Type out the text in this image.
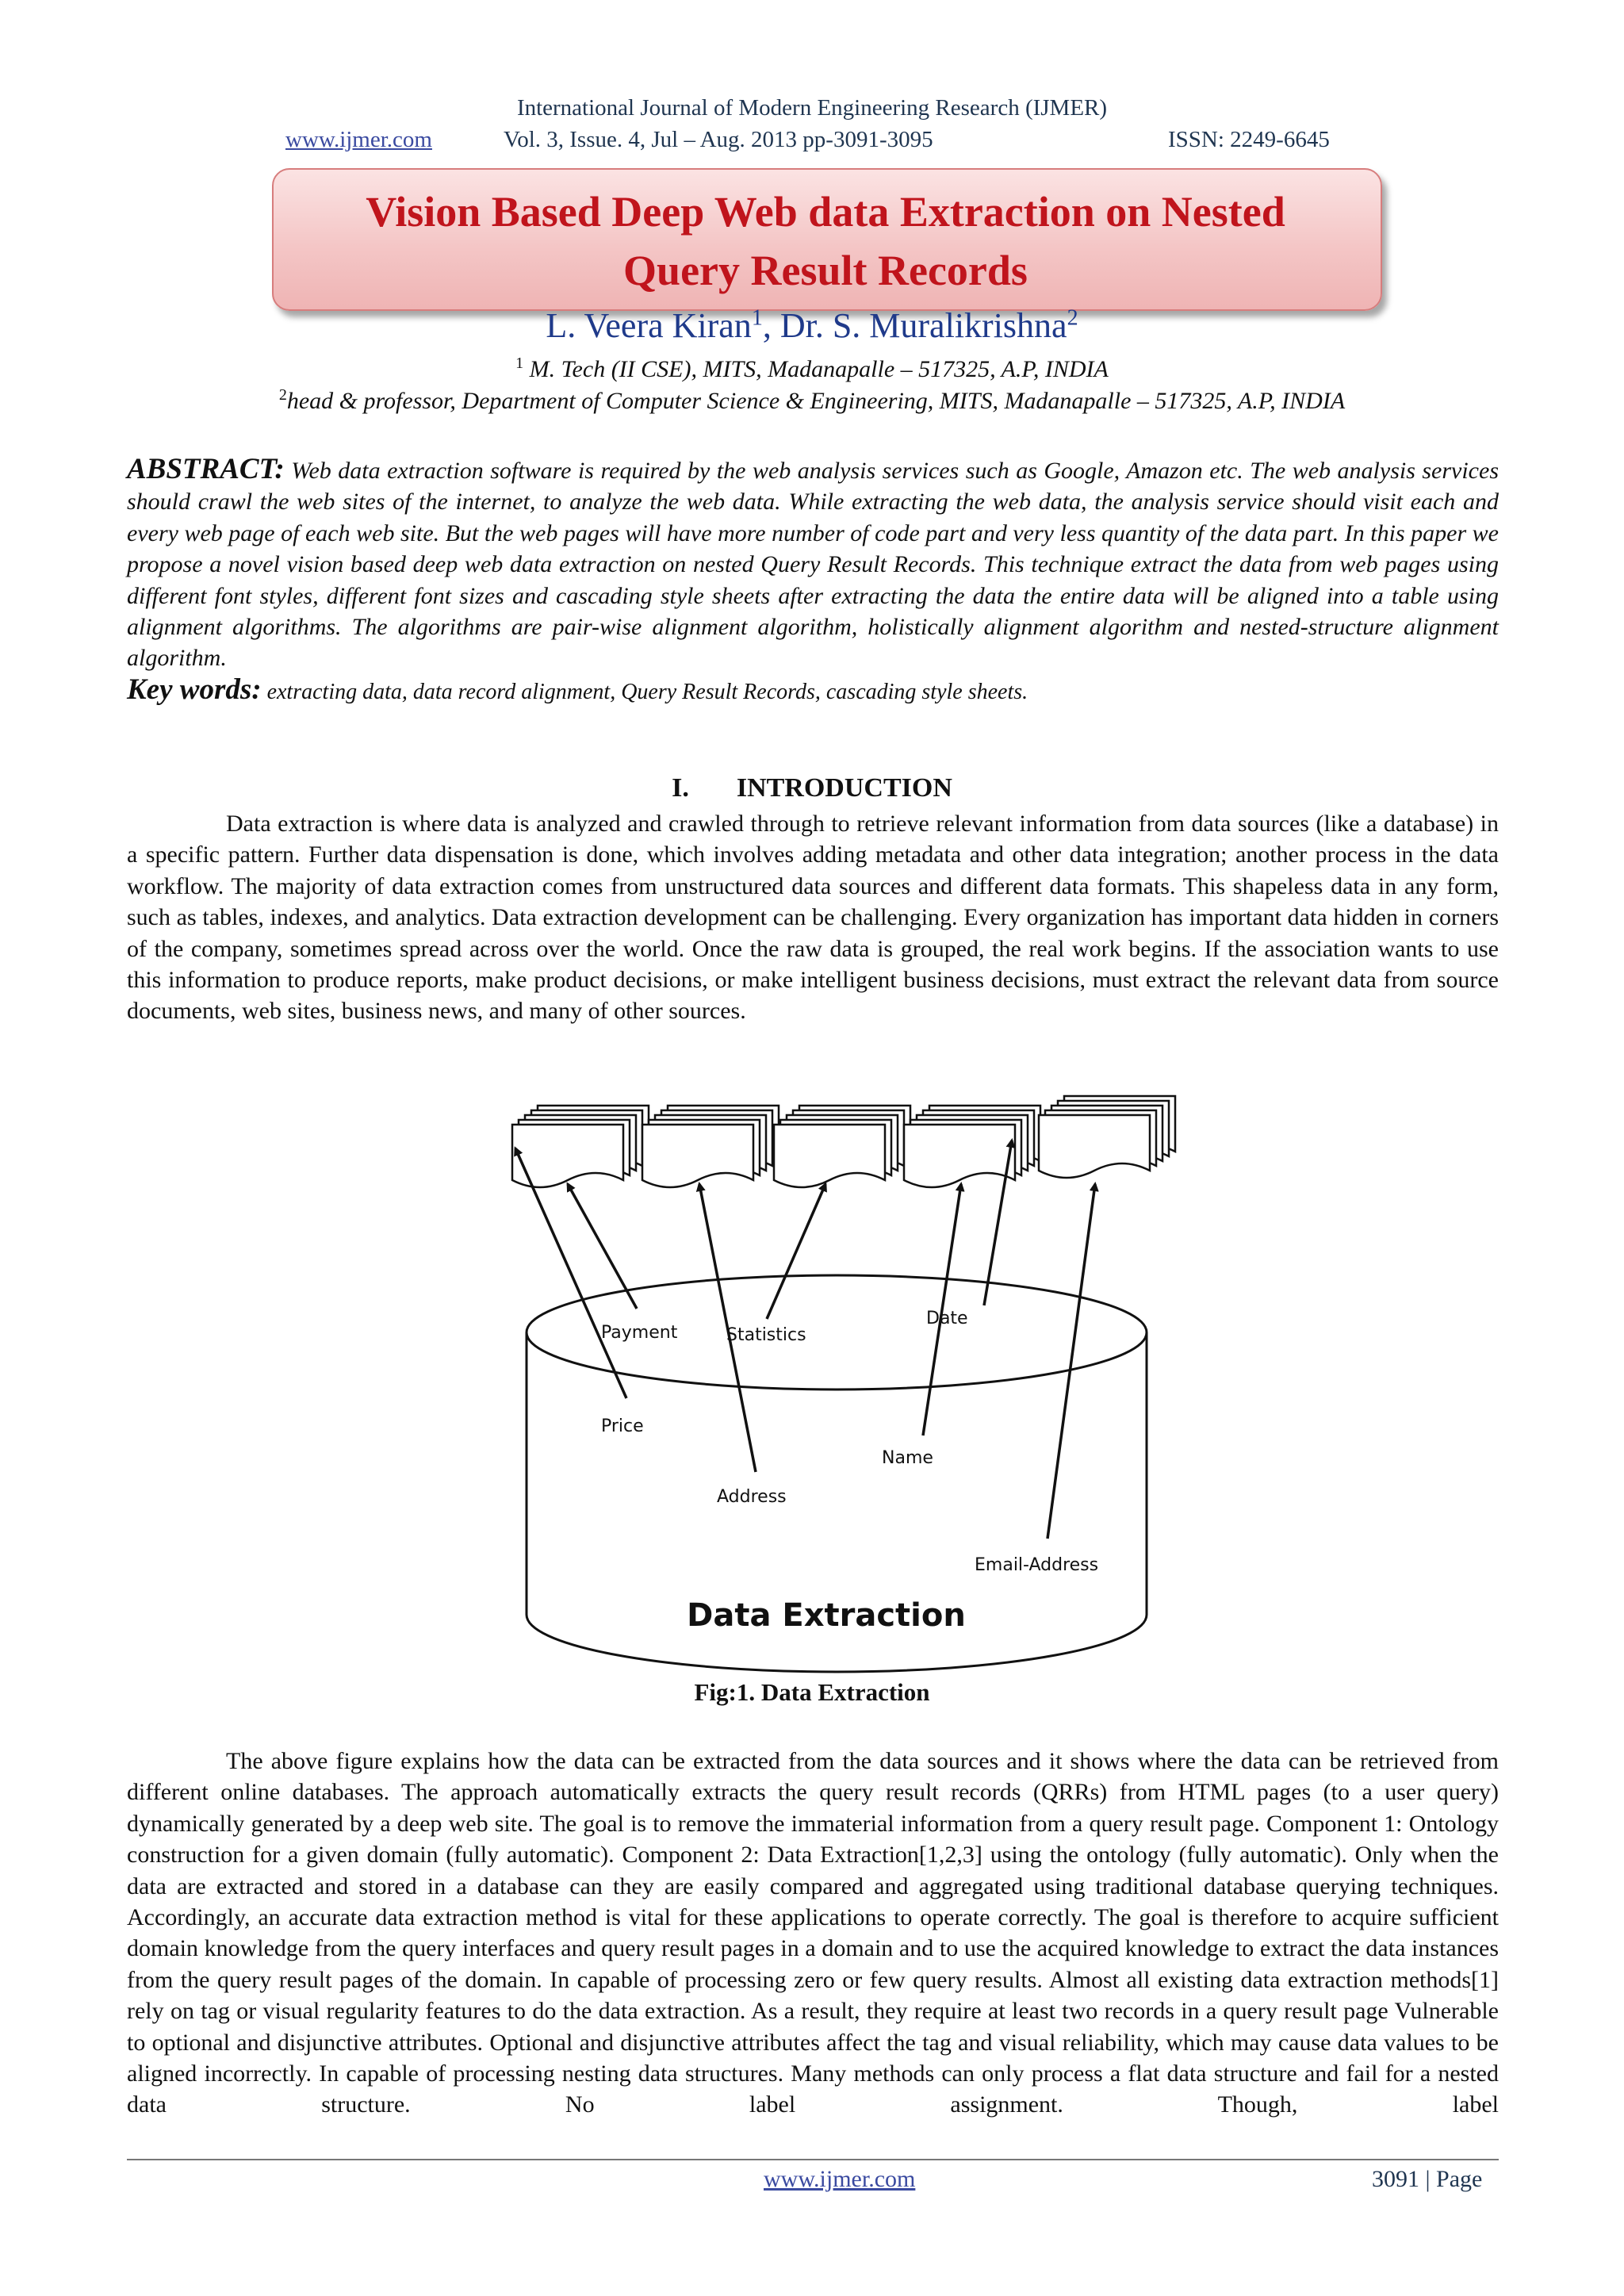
International Journal of Modern Engineering Research (IJMER)
www.ijmer.com	Vol. 3, Issue. 4, Jul – Aug. 2013 pp-3091-3095	ISSN: 2249-6645
Vision Based Deep Web data Extraction on Nested
Query Result Records
L. Veera Kiran$^1$, Dr. S. Muralikrishna$^2$
$^1$ M. Tech (II CSE), MITS, Madanapalle – 517325, A.P, INDIA
$^2$head & professor, Department of Computer Science & Engineering, MITS, Madanapalle – 517325, A.P, INDIA

ABSTRACT: Web data extraction software is required by the web analysis services such as Google, Amazon etc. The web analysis services should crawl the web sites of the internet, to analyze the web data. While extracting the web data, the analysis service should visit each and every web page of each web site. But the web pages will have more number of code part and very less quantity of the data part. In this paper we propose a novel vision based deep web data extraction on nested Query Result Records. This technique extract the data from web pages using different font styles, different font sizes and cascading style sheets after extracting the data the entire data will be aligned into a table using alignment algorithms. The algorithms are pair-wise alignment algorithm, holistically alignment algorithm and nested-structure alignment algorithm.

Key words: extracting data, data record alignment, Query Result Records, cascading style sheets.

I. INTRODUCTION

Data extraction is where data is analyzed and crawled through to retrieve relevant information from data sources (like a database) in a specific pattern. Further data dispensation is done, which involves adding metadata and other data integration; another process in the data workflow. The majority of data extraction comes from unstructured data sources and different data formats. This shapeless data in any form, such as tables, indexes, and analytics. Data extraction development can be challenging. Every organization has important data hidden in corners of the company, sometimes spread across over the world. Once the raw data is grouped, the real work begins. If the association wants to use this information to produce reports, make product decisions, or make intelligent business decisions, must extract the relevant data from source documents, web sites, business news, and many of other sources.

Payment	Statistics
Date
Price
Name
Address
Email-Address
Data Extraction
Fig:1. Data Extraction

The above figure explains how the data can be extracted from the data sources and it shows where the data can be retrieved from different online databases. The approach automatically extracts the query result records (QRRs) from HTML pages (to a user query) dynamically generated by a deep web site. The goal is to remove the immaterial information from a query result page. Component 1: Ontology construction for a given domain (fully automatic). Component 2: Data Extraction[1,2,3] using the ontology (fully automatic). Only when the data are extracted and stored in a database can they are easily compared and aggregated using traditional database querying techniques. Accordingly, an accurate data extraction method is vital for these applications to operate correctly. The goal is therefore to acquire sufficient domain knowledge from the query interfaces and query result pages in a domain and to use the acquired knowledge to extract the data instances from the query result pages of the domain. In capable of processing zero or few query results. Almost all existing data extraction methods[1] rely on tag or visual regularity features to do the data extraction. As a result, they require at least two records in a query result page Vulnerable to optional and disjunctive attributes. Optional and disjunctive attributes affect the tag and visual reliability, which may cause data values to be aligned incorrectly. In capable of processing nesting data structures. Many methods can only process a flat data structure and fail for a nested data structure. No label assignment. Though, label

www.ijmer.com	3091 | Page
